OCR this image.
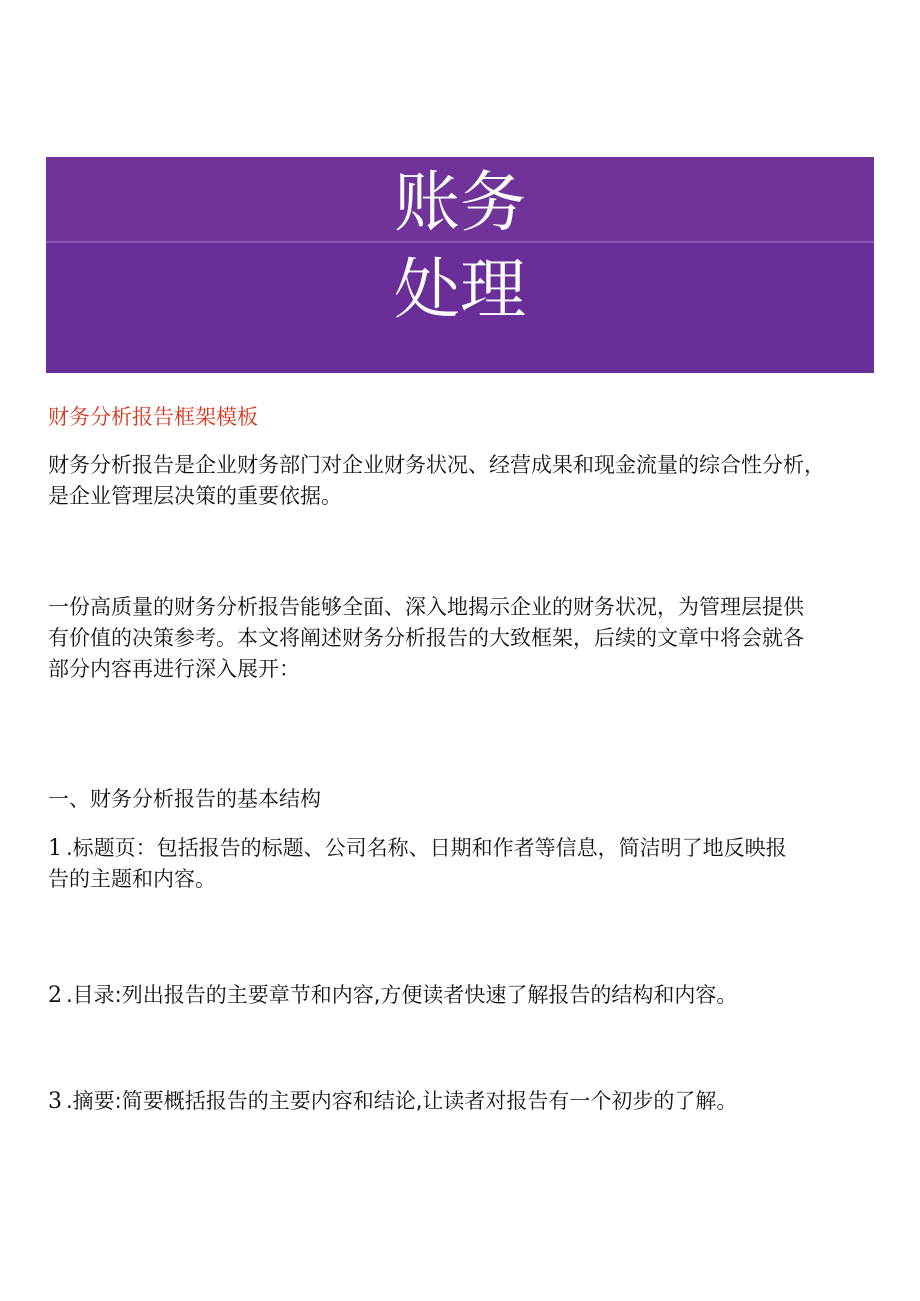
账务
处理
财务分析报告框架模板
财务分析报告是企业财务部门对企业财务状况、经营成果和现金流量的综合性分析，
是企业管理层决策的重要依据。
一份高质量的财务分析报告能够全面、深入地揭示企业的财务状况，为管理层提供
有价值的决策参考。本文将阐述财务分析报告的大致框架，后续的文章中将会就各
部分内容再进行深入展开：
一、财务分析报告的基本结构
1 .标题页：包括报告的标题、公司名称、日期和作者等信息，简洁明了地反映报
告的主题和内容。
2 .目录:列出报告的主要章节和内容,方便读者快速了解报告的结构和内容。
3 .摘要:简要概括报告的主要内容和结论,让读者对报告有一个初步的了解。
